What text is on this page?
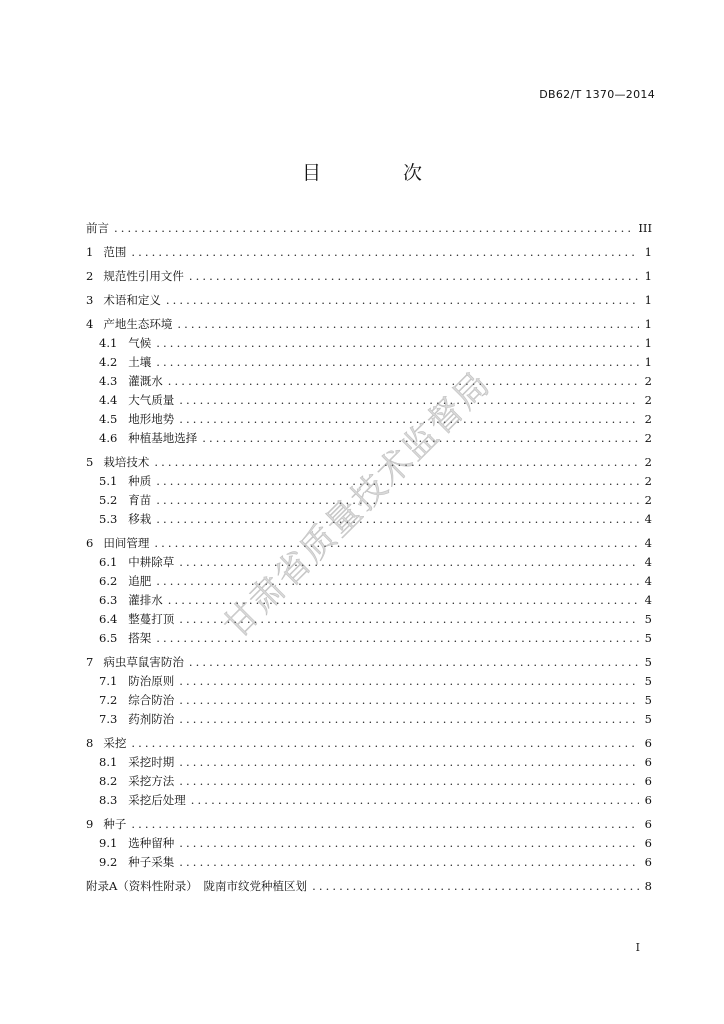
DB62/T 1370—2014
目 次
前言 .....	III
1 范围 .....	1
2 规范性引用文件 .....	1
3 术语和定义 .....	1
4 产地生态环境 .....	1
4.1 气候 .....	1
4.2 土壤 .....	1
4.3 灌溉水 .....	2
4.4 大气质量 .....	2
4.5 地形地势 .....	2
4.6 种植基地选择 .....	2
5 栽培技术 .....	2
5.1 种质 .....	2
5.2 育苗 .....	2
5.3 移栽 .....	4
6 田间管理 .....	4
6.1 中耕除草 .....	4
6.2 追肥 .....	4
6.3 灌排水 .....	4
6.4 整蔓打顶 .....	5
6.5 搭架 .....	5
7 病虫草鼠害防治 .....	5
7.1 防治原则 .....	5
7.2 综合防治 .....	5
7.3 药剂防治 .....	5
8 采挖 .....	6
8.1 采挖时期 .....	6
8.2 采挖方法 .....	6
8.3 采挖后处理 .....	6
9 种子 .....	6
9.1 选种留种 .....	6
9.2 种子采集 .....	6
附录A（资料性附录）　陇南市纹党种植区划 .....	8
I
甘肃省质量技术监督局
